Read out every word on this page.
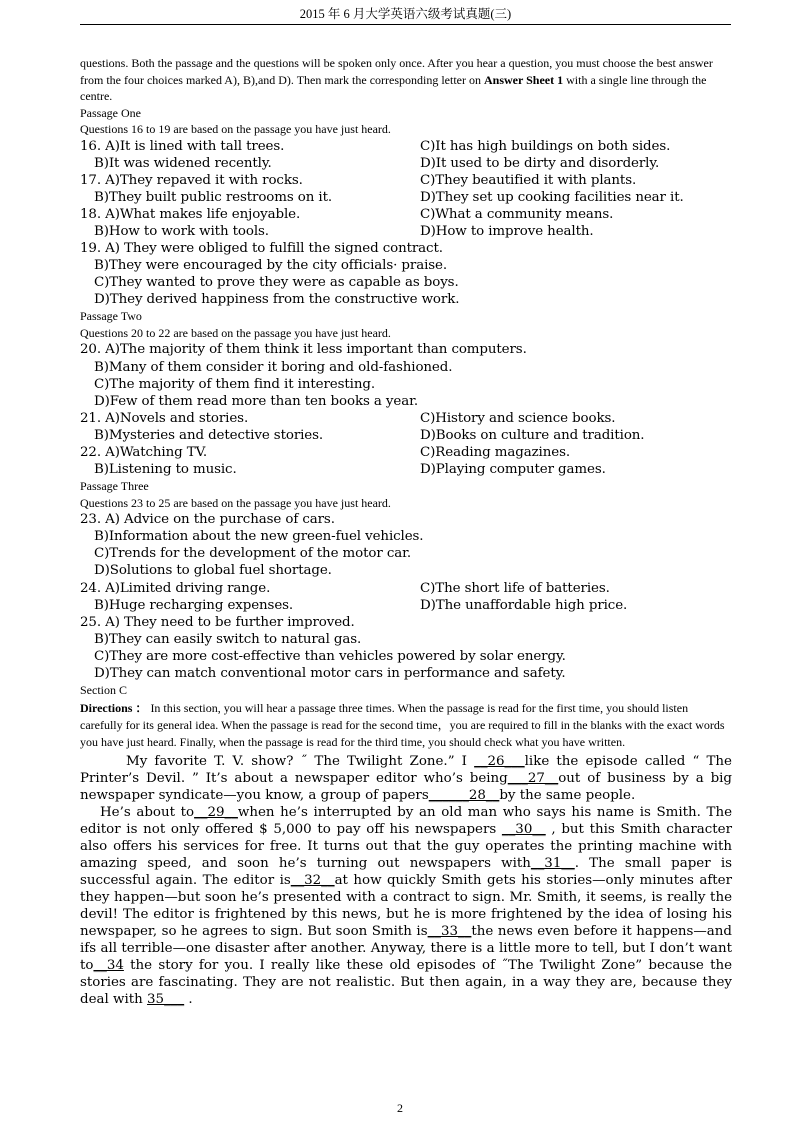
2015 年 6 月大学英语六级考试真题(三)
questions. Both the passage and the questions will be spoken only once. After you hear a question, you must choose the best answer from the four choices marked A), B),and D). Then mark the corresponding letter on Answer Sheet 1 with a single line through the centre.
Passage One
Questions 16 to 19 are based on the passage you have just heard.
16. A)It is lined with tall trees.	C)It has high buildings on both sides.
B)It was widened recently.	D)It used to be dirty and disorderly.
17. A)They repaved it with rocks.	C)They beautified it with plants.
B)They built public restrooms on it.	D)They set up cooking facilities near it.
18. A)What makes life enjoyable.	C)What a community means.
B)How to work with tools.	D)How to improve health.
19. A) They were obliged to fulfill the signed contract.
B)They were encouraged by the city officials· praise.
C)They wanted to prove they were as capable as boys.
D)They derived happiness from the constructive work.
Passage Two
Questions 20 to 22 are based on the passage you have just heard.
20. A)The majority of them think it less important than computers.
B)Many of them consider it boring and old-fashioned.
C)The majority of them find it interesting.
D)Few of them read more than ten books a year.
21. A)Novels and stories.	C)History and science books.
B)Mysteries and detective stories.	D)Books on culture and tradition.
22. A)Watching TV.	C)Reading magazines.
B)Listening to music.	D)Playing computer games.
Passage Three
Questions 23 to 25 are based on the passage you have just heard.
23. A) Advice on the purchase of cars.
B)Information about the new green-fuel vehicles.
C)Trends for the development of the motor car.
D)Solutions to global fuel shortage.
24. A)Limited driving range.	C)The short life of batteries.
B)Huge recharging expenses.	D)The unaffordable high price.
25. A) They need to be further improved.
B)They can easily switch to natural gas.
C)They are more cost-effective than vehicles powered by solar energy.
D)They can match conventional motor cars in performance and safety.
Section C
Directions ： In this section, you will hear a passage three times. When the passage is read for the first time, you should listen carefully for its general idea. When the passage is read for the second time，you are required to fill in the blanks with the exact words you have just heard. Finally, when the passage is read for the third time, you should check what you have written.

My favorite T. V. show? ˝ The Twilight Zone.” I __26___like the episode called “ The Printer’s Devil. ” It’s about a newspaper editor who’s being___27__out of business by a big newspaper syndicate—you know, a group of papers______28__by the same people.

He’s about to__29__when he’s interrupted by an old man who says his name is Smith. The editor is not only offered $ 5,000 to pay off his newspapers __30__ , but this Smith character also offers his services for free. It turns out that the guy operates the printing machine with amazing speed, and soon he’s turning out newspapers with__31__. The small paper is successful again. The editor is__32__at how quickly Smith gets his stories—only minutes after they happen—but soon he’s presented with a contract to sign. Mr. Smith, it seems, is really the devil! The editor is frightened by this news, but he is more frightened by the idea of losing his newspaper, so he agrees to sign. But soon Smith is__33__the news even before it happens—and ifs all terrible—one disaster after another. Anyway, there is a little more to tell, but I don’t want to__34 the story for you. I really like these old episodes of ˝The Twilight Zone” because the stories are fascinating. They are not realistic. But then again, in a way they are, because they deal with 35___ .

2
